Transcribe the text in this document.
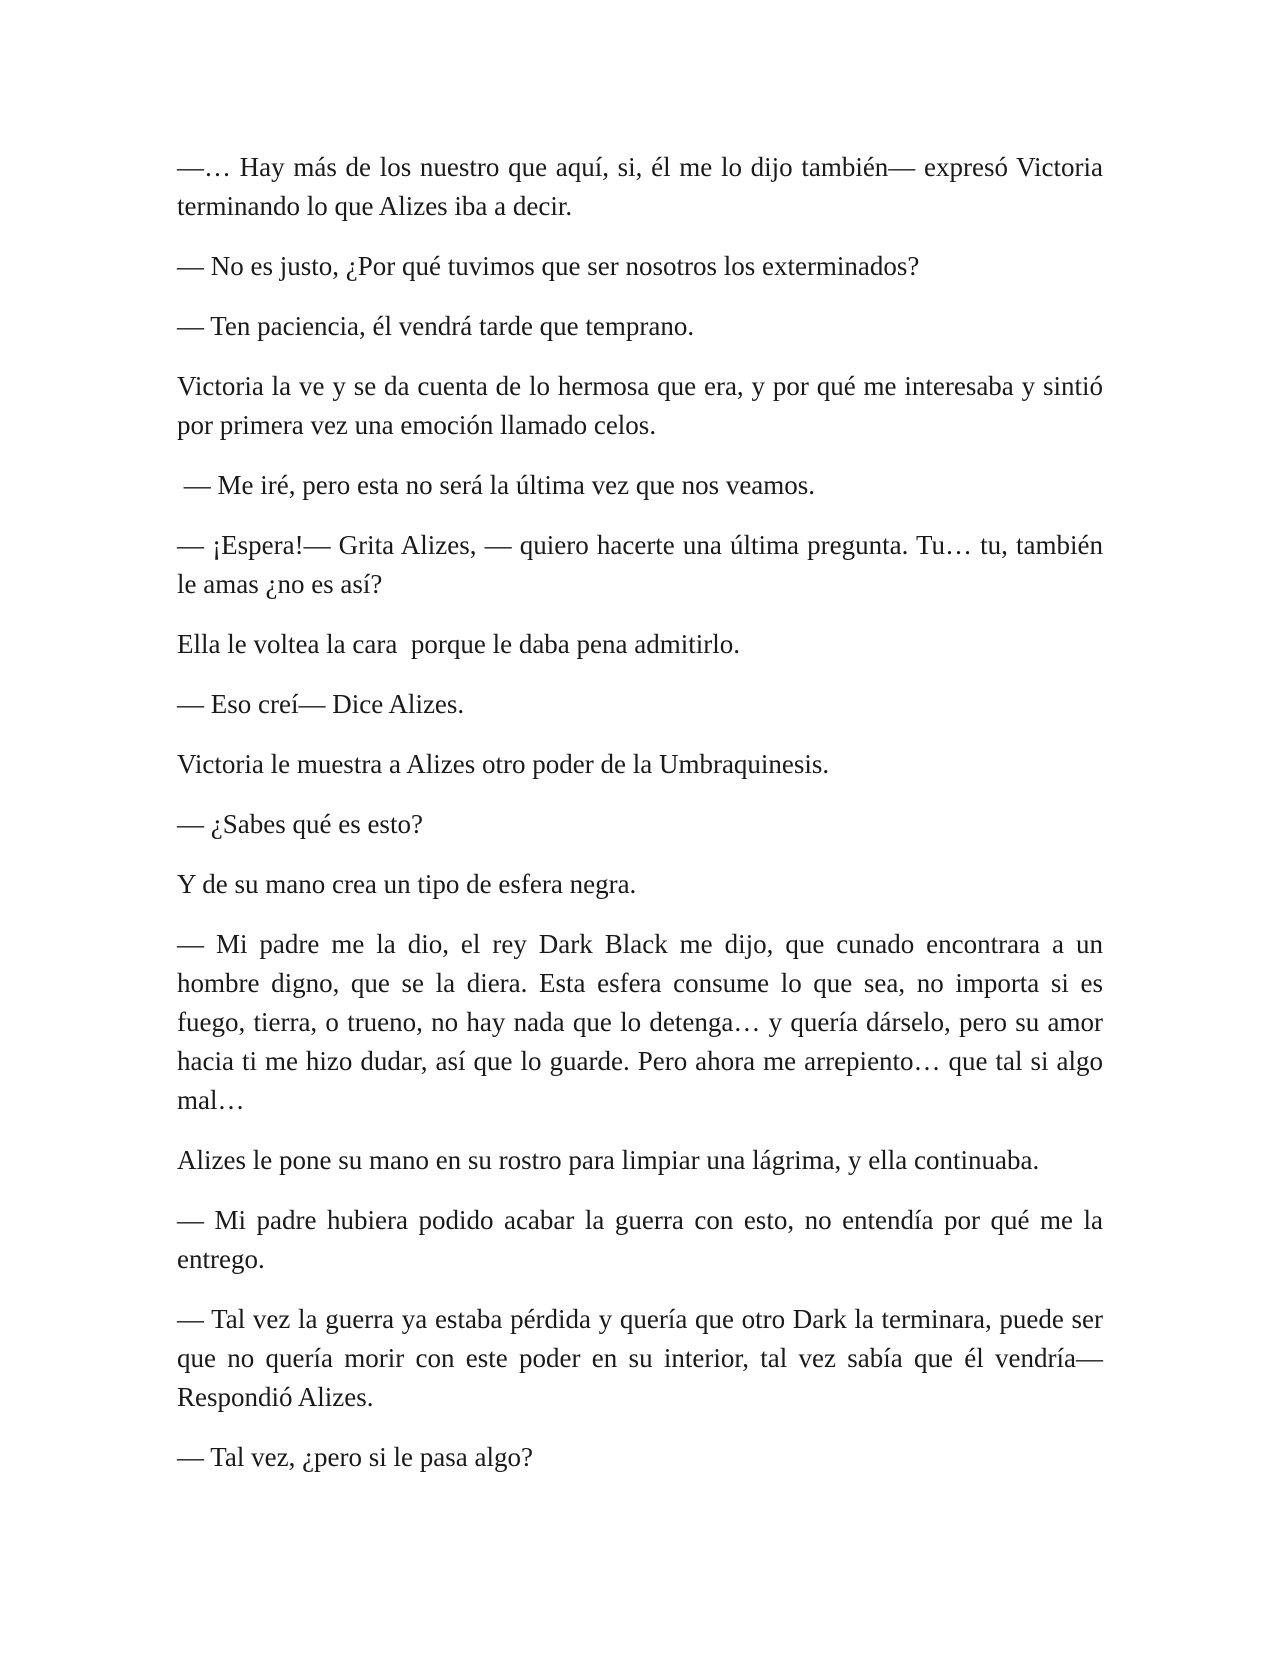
—… Hay más de los nuestro que aquí, si, él me lo dijo también— expresó Victoria terminando lo que Alizes iba a decir.

— No es justo, ¿Por qué tuvimos que ser nosotros los exterminados?

— Ten paciencia, él vendrá tarde que temprano.

Victoria la ve y se da cuenta de lo hermosa que era, y por qué me interesaba y sintió por primera vez una emoción llamado celos.

— Me iré, pero esta no será la última vez que nos veamos.

— ¡Espera!— Grita Alizes, — quiero hacerte una última pregunta. Tu… tu, también le amas ¿no es así?

Ella le voltea la cara  porque le daba pena admitirlo.

— Eso creí— Dice Alizes.

Victoria le muestra a Alizes otro poder de la Umbraquinesis.

— ¿Sabes qué es esto?

Y de su mano crea un tipo de esfera negra.

— Mi padre me la dio, el rey Dark Black me dijo, que cunado encontrara a un hombre digno, que se la diera. Esta esfera consume lo que sea, no importa si es fuego, tierra, o trueno, no hay nada que lo detenga… y quería dárselo, pero su amor hacia ti me hizo dudar, así que lo guarde. Pero ahora me arrepiento… que tal si algo mal…

Alizes le pone su mano en su rostro para limpiar una lágrima, y ella continuaba.

— Mi padre hubiera podido acabar la guerra con esto, no entendía por qué me la entrego.

— Tal vez la guerra ya estaba pérdida y quería que otro Dark la terminara, puede ser que no quería morir con este poder en su interior, tal vez sabía que él vendría— Respondió Alizes.

— Tal vez, ¿pero si le pasa algo?
